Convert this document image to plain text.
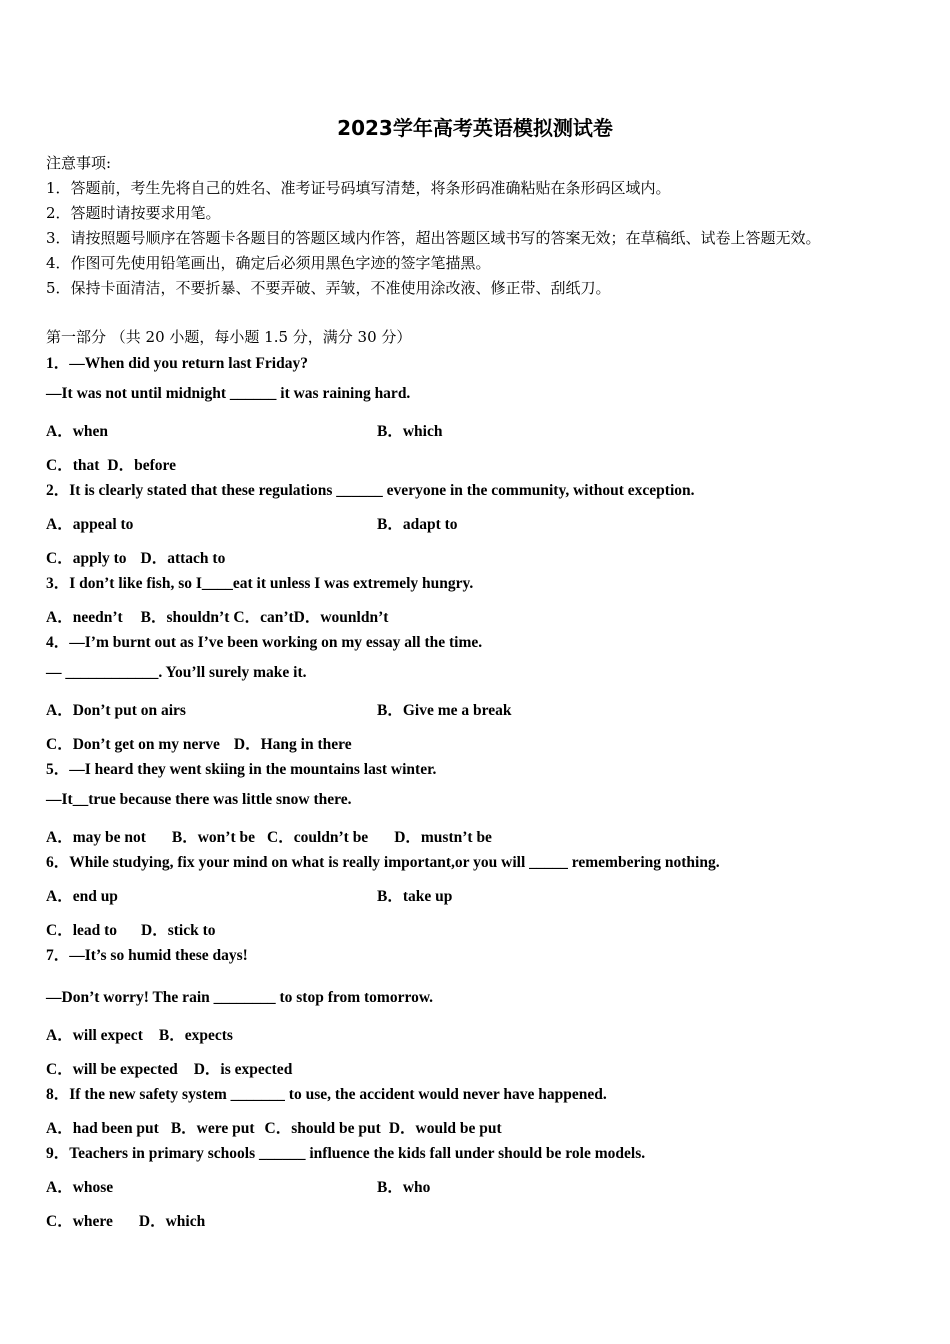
2023学年高考英语模拟测试卷
注意事项:
1．答题前，考生先将自己的姓名、准考证号码填写清楚，将条形码准确粘贴在条形码区域内。
2．答题时请按要求用笔。
3．请按照题号顺序在答题卡各题目的答题区域内作答，超出答题区域书写的答案无效；在草稿纸、试卷上答题无效。
4．作图可先使用铅笔画出，确定后必须用黑色字迹的签字笔描黑。
5．保持卡面清洁，不要折暴、不要弄破、弄皱，不准使用涂改液、修正带、刮纸刀。
第一部分 （共 20 小题，每小题 1.5 分，满分 30 分）
1．—When did you return last Friday?
—It was not until midnight ______ it was raining hard.
A．when	B．which
C．that D．before
2．It is clearly stated that these regulations ______ everyone in the community, without exception.
A．appeal to	B．adapt to
C．apply to D．attach to
3．I don’t like fish, so I____eat it unless I was extremely hungry.
A．needn’t B．shouldn’t C．can’tD．wounldn’t
4．—I’m burnt out as I’ve been working on my essay all the time.
— ____________. You’ll surely make it.
A．Don’t put on airs	B．Give me a break
C．Don’t get on my nerve D．Hang in there
5．—I heard they went skiing in the mountains last winter.
—It__true because there was little snow there.
A．may be not B．won’t be C．couldn’t be D．mustn’t be
6．While studying, fix your mind on what is really important,or you will _____ remembering nothing.
A．end up	B．take up
C．lead to D．stick to
7．—It’s so humid these days!
—Don’t worry! The rain ________ to stop from tomorrow.
A．will expect B．expects
C．will be expected D．is expected
8．If the new safety system _______ to use, the accident would never have happened.
A．had been put B．were put C．should be put D．would be put
9．Teachers in primary schools ______ influence the kids fall under should be role models.
A．whose	B．who
C．where D．which
